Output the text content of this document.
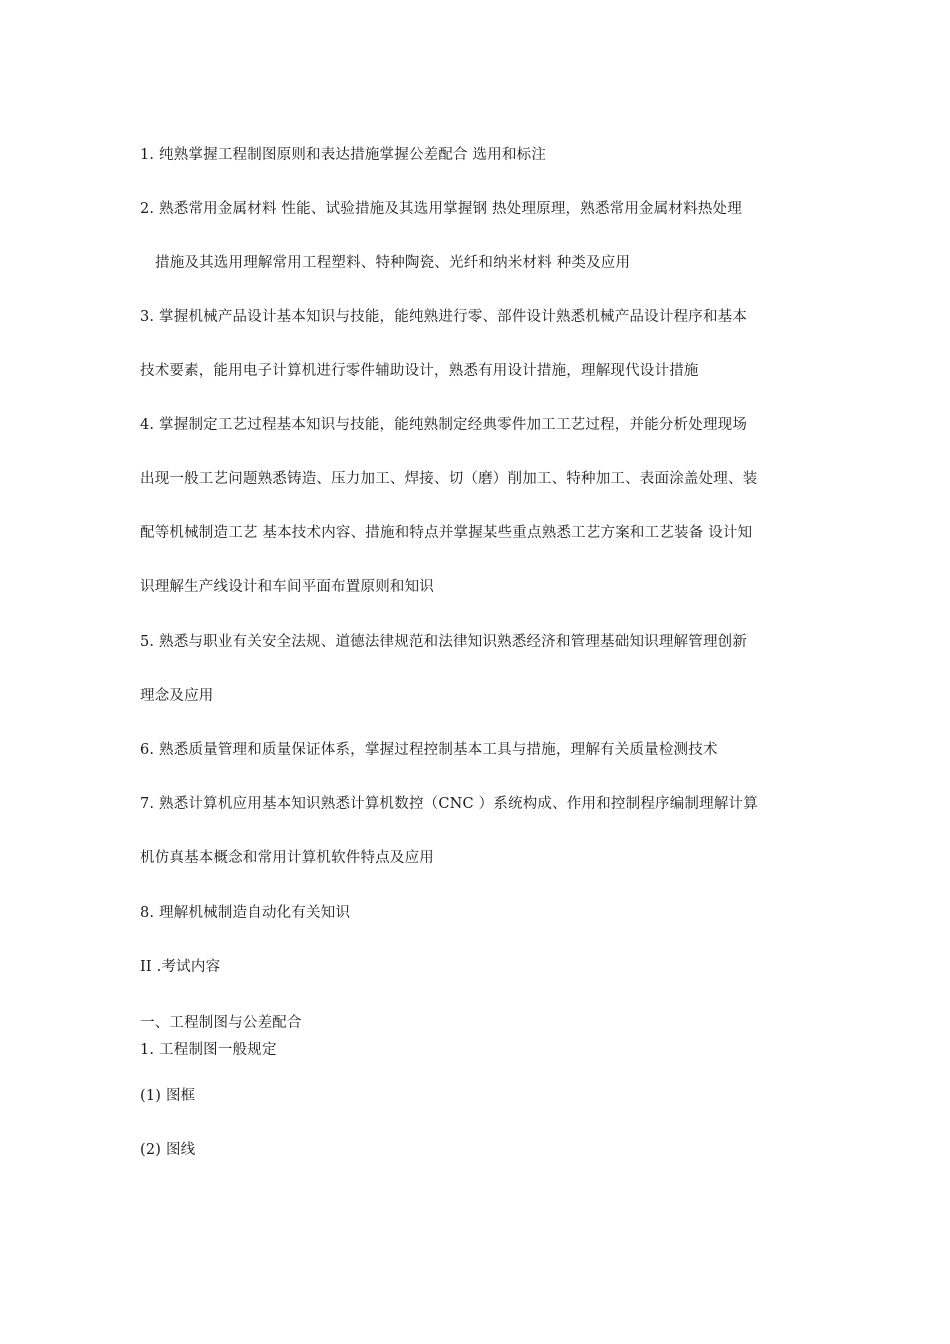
1. 纯熟掌握工程制图原则和表达措施掌握公差配合 选用和标注
2. 熟悉常用金属材料 性能、试验措施及其选用掌握钢 热处理原理，熟悉常用金属材料热处理
措施及其选用理解常用工程塑料、特种陶瓷、光纤和纳米材料 种类及应用
3. 掌握机械产品设计基本知识与技能，能纯熟进行零、部件设计熟悉机械产品设计程序和基本
技术要素，能用电子计算机进行零件辅助设计，熟悉有用设计措施，理解现代设计措施
4. 掌握制定工艺过程基本知识与技能，能纯熟制定经典零件加工工艺过程，并能分析处理现场
出现一般工艺问题熟悉铸造、压力加工、焊接、切（磨）削加工、特种加工、表面涂盖处理、装
配等机械制造工艺 基本技术内容、措施和特点并掌握某些重点熟悉工艺方案和工艺装备 设计知
识理解生产线设计和车间平面布置原则和知识
5. 熟悉与职业有关安全法规、道德法律规范和法律知识熟悉经济和管理基础知识理解管理创新
理念及应用
6. 熟悉质量管理和质量保证体系，掌握过程控制基本工具与措施，理解有关质量检测技术
7. 熟悉计算机应用基本知识熟悉计算机数控（CNC ）系统构成、作用和控制程序编制理解计算
机仿真基本概念和常用计算机软件特点及应用
8. 理解机械制造自动化有关知识
II .考试内容
一、工程制图与公差配合
1. 工程制图一般规定
(1) 图框
(2) 图线
